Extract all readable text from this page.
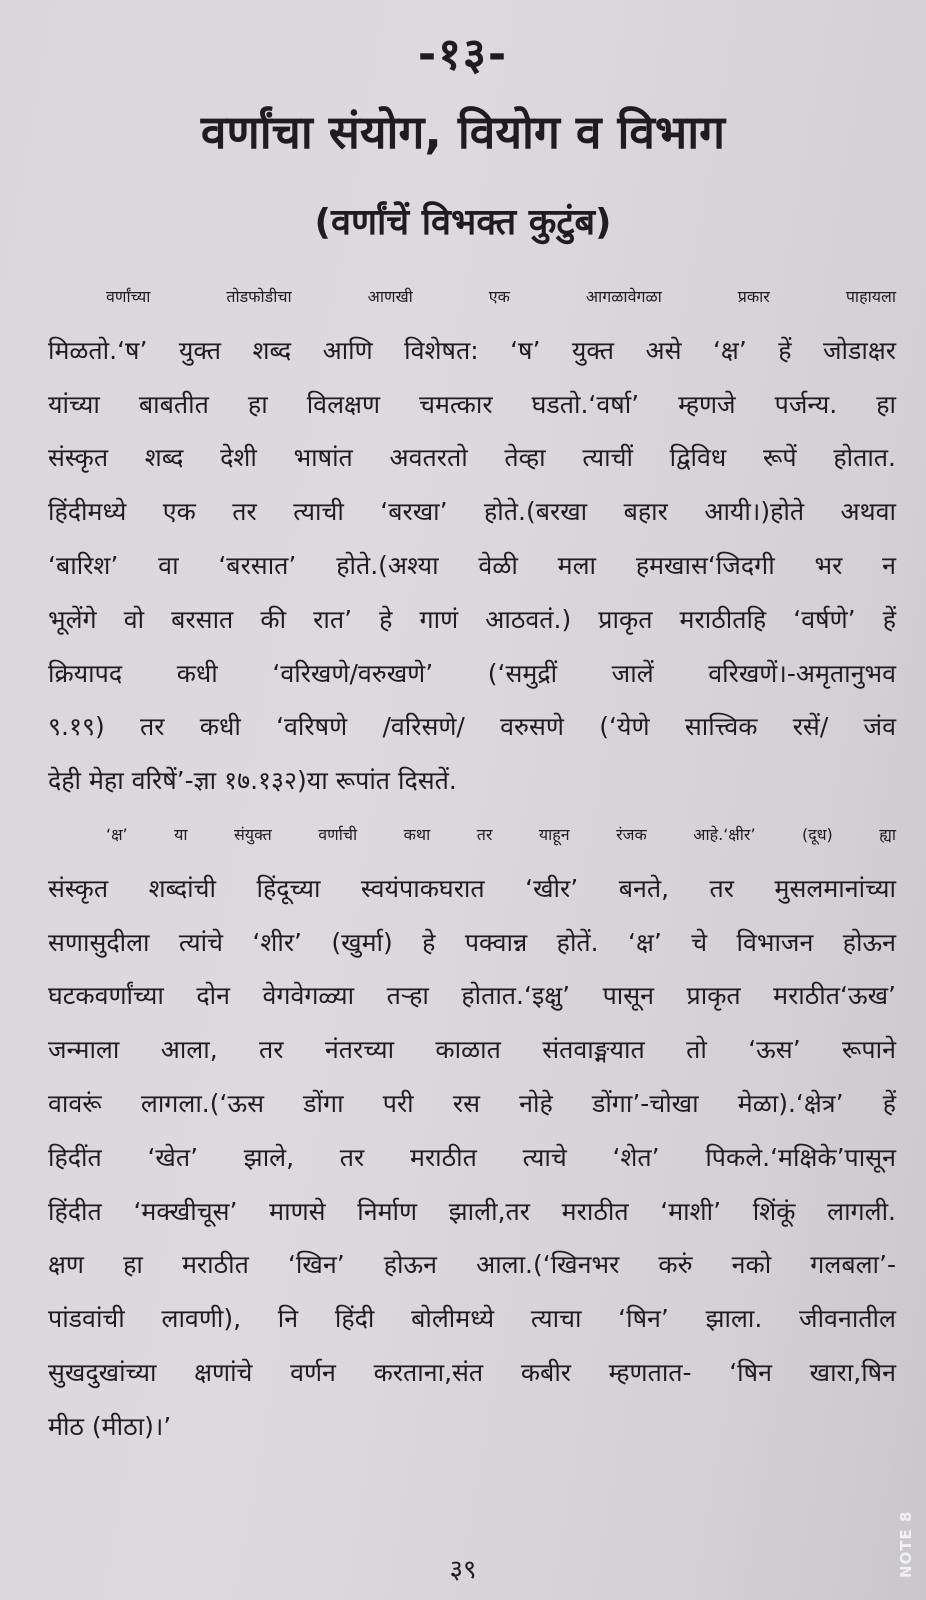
-१३-
वर्णांचा संयोग, वियोग व विभाग
(वर्णांचें विभक्त कुटुंब)
वर्णांच्या तोडफोडीचा आणखी एक आगळावेगळा प्रकार पाहायला
मिळतो.‘ष’ युक्त शब्द आणि विशेषत: ‘ष’ युक्त असे ‘क्ष’ हें जोडाक्षर
यांच्या बाबतीत हा विलक्षण चमत्कार घडतो.‘वर्षा’ म्हणजे पर्जन्य. हा
संस्कृत शब्द देशी भाषांत अवतरतो तेव्हा त्याचीं द्विविध रूपें होतात.
हिंदीमध्ये एक तर त्याची ‘बरखा’ होते.(बरखा बहार आयी।)होते अथवा
‘बारिश’ वा ‘बरसात’ होते.(अश्या वेळी मला हमखास‘जिदगी भर न
भूलेंगे वो बरसात की रात’ हे गाणं आठवतं.) प्राकृत मराठीतहि ‘वर्षणे’ हें
क्रियापद कधी ‘वरिखणे/वरुखणे’ (‘समुद्रीं जालें वरिखणें।-अमृतानुभव
९.१९) तर कधी ‘वरिषणे /वरिसणे/ वरुसणे (‘येणे सात्त्विक रसें/ जंव
देही मेहा वरिषें’-ज्ञा १७.१३२)या रूपांत दिसतें.
‘क्ष’ या संयुक्त वर्णाची कथा तर याहून रंजक आहे.‘क्षीर’ (दूध) ह्या
संस्कृत शब्दांची हिंदूच्या स्वयंपाकघरात ‘खीर’ बनते, तर मुसलमानांच्या
सणासुदीला त्यांचे ‘शीर’ (खुर्मा) हे पक्वान्न होतें. ‘क्ष’ चे विभाजन होऊन
घटकवर्णांच्या दोन वेगवेगळ्या तऱ्हा होतात.‘इक्षु’ पासून प्राकृत मराठीत‘ऊख’
जन्माला आला, तर नंतरच्या काळात संतवाङ्मयात तो ‘ऊस’ रूपाने
वावरूं लागला.(‘ऊस डोंगा परी रस नोहे डोंगा’-चोखा मेळा).‘क्षेत्र’ हें
हिदींत ‘खेत’ झाले, तर मराठीत त्याचे ‘शेत’ पिकले.‘मक्षिके’पासून
हिंदीत ‘मक्खीचूस’ माणसे निर्माण झाली,तर मराठीत ‘माशी’ शिंकूं लागली.
क्षण हा मराठीत ‘खिन’ होऊन आला.(‘खिनभर करुं नको गलबला’-
पांडवांची लावणी), नि हिंदी बोलीमध्ये त्याचा ‘षिन’ झाला. जीवनातील
सुखदुखांच्या क्षणांचे वर्णन करताना,संत कबीर म्हणतात- ‘षिन खारा,षिन
मीठ (मीठा)।’
३९	NOTE 8
